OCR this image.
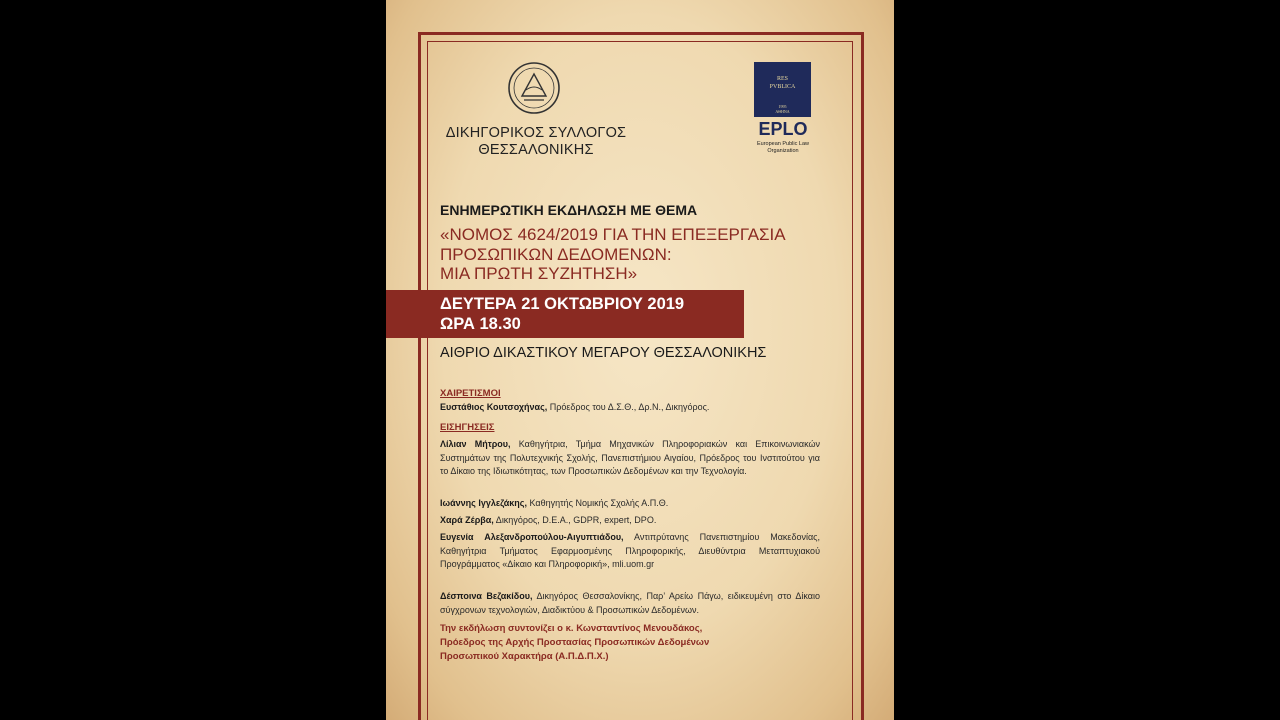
ΔΙΚΗΓΟΡΙΚΟΣ ΣΥΛΛΟΓΟΣ
ΘΕΣΣΑΛΟΝΙΚΗΣ
RES
PVBLICA
1995
ΑΘΗΝΑ
EPLO
European Public Law
Organization
ΕΝΗΜΕΡΩΤΙΚΗ ΕΚΔΗΛΩΣΗ ΜΕ ΘΕΜΑ
«ΝΟΜΟΣ 4624/2019 ΓΙΑ ΤΗΝ ΕΠΕΞΕΡΓΑΣΙΑ
ΠΡΟΣΩΠΙΚΩΝ ΔΕΔΟΜΕΝΩΝ:
ΜΙΑ ΠΡΩΤΗ ΣΥΖΗΤΗΣΗ»
ΔΕΥΤΕΡΑ 21 ΟΚΤΩΒΡΙΟΥ 2019
ΩΡΑ 18.30
ΑΙΘΡΙΟ ΔΙΚΑΣΤΙΚΟΥ ΜΕΓΑΡΟΥ ΘΕΣΣΑΛΟΝΙΚΗΣ
ΧΑΙΡΕΤΙΣΜΟΙ
Ευστάθιος Κουτσοχήνας, Πρόεδρος του Δ.Σ.Θ., Δρ.Ν., Δικηγόρος.
ΕΙΣΗΓΗΣΕΙΣ
Λίλιαν Μήτρου, Καθηγήτρια, Τμήμα Μηχανικών Πληροφοριακών και Επικοινωνιακών Συστημάτων της Πολυτεχνικής Σχολής, Πανεπιστήμιου Αιγαίου, Πρόεδρος του Ινστιτούτου για το Δίκαιο της Ιδιωτικότητας, των Προσωπικών Δεδομένων και την Τεχνολογία.
Ιωάννης Ιγγλεζάκης, Καθηγητής Νομικής Σχολής Α.Π.Θ.
Χαρά Ζέρβα, Δικηγόρος, D.E.A., GDPR, expert, DPO.
Ευγενία Αλεξανδροπούλου-Αιγυπτιάδου, Αντιπρύτανης Πανεπιστημίου Μακεδονίας, Καθηγήτρια Τμήματος Εφαρμοσμένης Πληροφορικής, Διευθύντρια Μεταπτυχιακού Προγράμματος «Δίκαιο και Πληροφορική», mli.uom.gr
Δέσποινα Βεζακίδου, Δικηγόρος Θεσσαλονίκης, Παρ’ Αρείω Πάγω, ειδικευμένη στο Δίκαιο σύγχρονων τεχνολογιών, Διαδικτύου & Προσωπικών Δεδομένων.
Την εκδήλωση συντονίζει ο κ. Κωνσταντίνος Μενουδάκος,
Πρόεδρος της Αρχής Προστασίας Προσωπικών Δεδομένων
Προσωπικού Χαρακτήρα (Α.Π.Δ.Π.Χ.)
